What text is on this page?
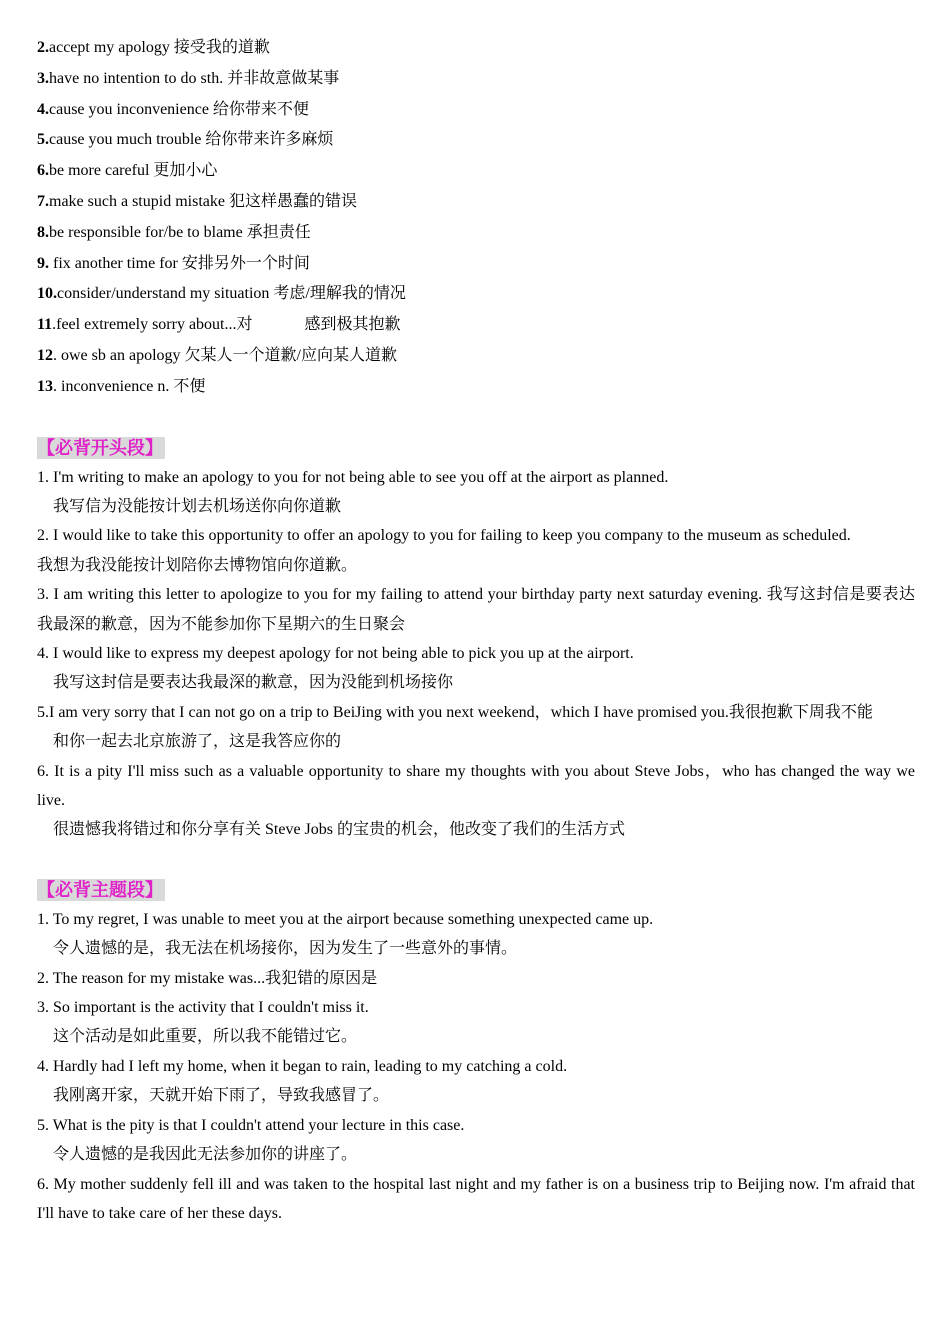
2.accept my apology 接受我的道歉
3.have no intention to do sth. 并非故意做某事
4.cause you inconvenience 给你带来不便
5.cause you much trouble 给你带来许多麻烦
6.be more careful 更加小心
7.make such a stupid mistake 犯这样愚蠢的错误
8.be responsible for/be to blame 承担责任
9. fix another time for 安排另外一个时间
10.consider/understand my situation 考虑/理解我的情况
11.feel extremely sorry about...对	感到极其抱歉
12. owe sb an apology 欠某人一个道歉/应向某人道歉
13. inconvenience n. 不便
【必背开头段】
1. I'm writing to make an apology to you for not being able to see you off at the airport as planned.
我写信为没能按计划去机场送你向你道歉
2. I would like to take this opportunity to offer an apology to you for failing to keep you company to the museum as scheduled.
我想为我没能按计划陪你去博物馆向你道歉。
3. I am writing this letter to apologize to you for my failing to attend your birthday party next saturday evening. 我写这封信是要表达我最深的歉意，因为不能参加你下星期六的生日聚会
4. I would like to express my deepest apology for not being able to pick you up at the airport.
我写这封信是要表达我最深的歉意，因为没能到机场接你
5.I am very sorry that I can not go on a trip to BeiJing with you next weekend，which I have promised you.我很抱歉下周我不能
和你一起去北京旅游了，这是我答应你的
6. It is a pity I'll miss such as a valuable opportunity to share my thoughts with you about Steve Jobs，who has changed the way we live.
很遗憾我将错过和你分享有关 Steve Jobs 的宝贵的机会，他改变了我们的生活方式
【必背主题段】
1. To my regret, I was unable to meet you at the airport because something unexpected came up.
令人遗憾的是，我无法在机场接你，因为发生了一些意外的事情。
2. The reason for my mistake was...我犯错的原因是
3. So important is the activity that I couldn't miss it.
这个活动是如此重要，所以我不能错过它。
4. Hardly had I left my home, when it began to rain, leading to my catching a cold.
我刚离开家，天就开始下雨了，导致我感冒了。
5. What is the pity is that I couldn't attend your lecture in this case.
令人遗憾的是我因此无法参加你的讲座了。
6. My mother suddenly fell ill and was taken to the hospital last night and my father is on a business trip to Beijing now. I'm afraid that I'll have to take care of her these days.
